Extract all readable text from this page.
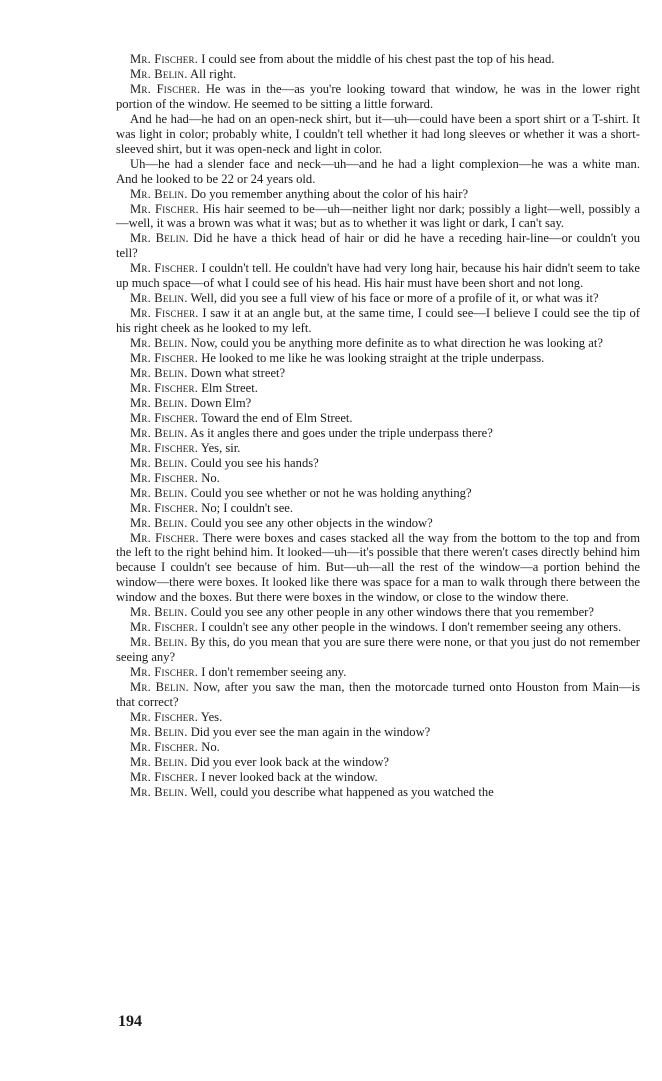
Mr. Fischer. I could see from about the middle of his chest past the top of his head.

Mr. Belin. All right.

Mr. Fischer. He was in the—as you're looking toward that window, he was in the lower right portion of the window. He seemed to be sitting a little forward.

And he had—he had on an open-neck shirt, but it—uh—could have been a sport shirt or a T-shirt. It was light in color; probably white, I couldn't tell whether it had long sleeves or whether it was a short-sleeved shirt, but it was open-neck and light in color.

Uh—he had a slender face and neck—uh—and he had a light complexion—he was a white man. And he looked to be 22 or 24 years old.

Mr. Belin. Do you remember anything about the color of his hair?

Mr. Fischer. His hair seemed to be—uh—neither light nor dark; possibly a light—well, possibly a—well, it was a brown was what it was; but as to whether it was light or dark, I can't say.

Mr. Belin. Did he have a thick head of hair or did he have a receding hair-line—or couldn't you tell?

Mr. Fischer. I couldn't tell. He couldn't have had very long hair, because his hair didn't seem to take up much space—of what I could see of his head. His hair must have been short and not long.

Mr. Belin. Well, did you see a full view of his face or more of a profile of it, or what was it?

Mr. Fischer. I saw it at an angle but, at the same time, I could see—I believe I could see the tip of his right cheek as he looked to my left.

Mr. Belin. Now, could you be anything more definite as to what direction he was looking at?

Mr. Fischer. He looked to me like he was looking straight at the triple underpass.

Mr. Belin. Down what street?

Mr. Fischer. Elm Street.

Mr. Belin. Down Elm?

Mr. Fischer. Toward the end of Elm Street.

Mr. Belin. As it angles there and goes under the triple underpass there?

Mr. Fischer. Yes, sir.

Mr. Belin. Could you see his hands?

Mr. Fischer. No.

Mr. Belin. Could you see whether or not he was holding anything?

Mr. Fischer. No; I couldn't see.

Mr. Belin. Could you see any other objects in the window?

Mr. Fischer. There were boxes and cases stacked all the way from the bottom to the top and from the left to the right behind him. It looked—uh—it's possible that there weren't cases directly behind him because I couldn't see because of him. But—uh—all the rest of the window—a portion behind the window—there were boxes. It looked like there was space for a man to walk through there between the window and the boxes. But there were boxes in the window, or close to the window there.

Mr. Belin. Could you see any other people in any other windows there that you remember?

Mr. Fischer. I couldn't see any other people in the windows. I don't remember seeing any others.

Mr. Belin. By this, do you mean that you are sure there were none, or that you just do not remember seeing any?

Mr. Fischer. I don't remember seeing any.

Mr. Belin. Now, after you saw the man, then the motorcade turned onto Houston from Main—is that correct?

Mr. Fischer. Yes.

Mr. Belin. Did you ever see the man again in the window?

Mr. Fischer. No.

Mr. Belin. Did you ever look back at the window?

Mr. Fischer. I never looked back at the window.

Mr. Belin. Well, could you describe what happened as you watched the

194
